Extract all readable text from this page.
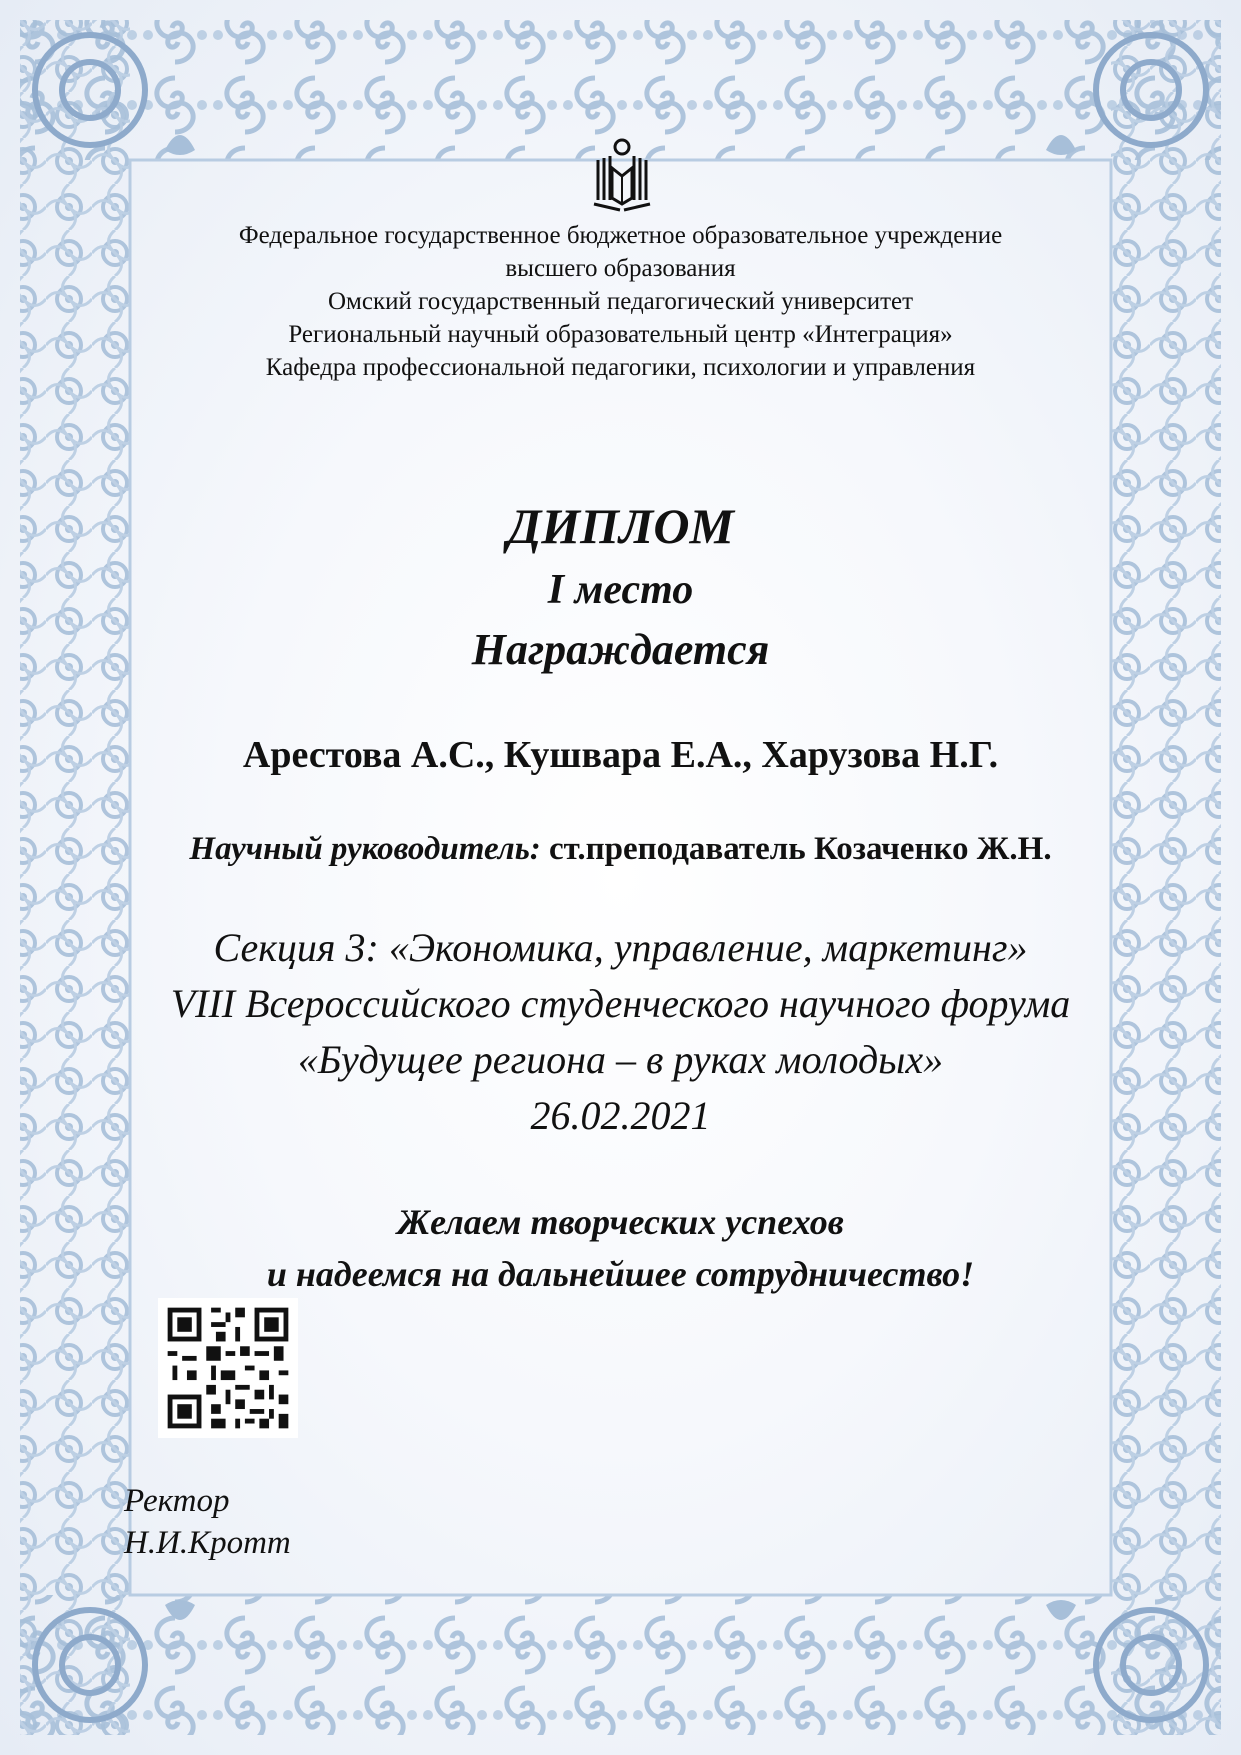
Федеральное государственное бюджетное образовательное учреждение
высшего образования
Омский государственный педагогический университет
Региональный научный образовательный центр «Интеграция»
Кафедра профессиональной педагогики, психологии и управления
ДИПЛОМ
I место
Награждается
Арестова А.С., Кушвара Е.А., Харузова Н.Г.
Научный руководитель: ст.преподаватель Козаченко Ж.Н.
Секция 3: «Экономика, управление, маркетинг»
VIII Всероссийского студенческого научного форума
«Будущее региона – в руках молодых»
26.02.2021
Желаем творческих успехов
и надеемся на дальнейшее сотрудничество!
Ректор
Н.И.Кротт
